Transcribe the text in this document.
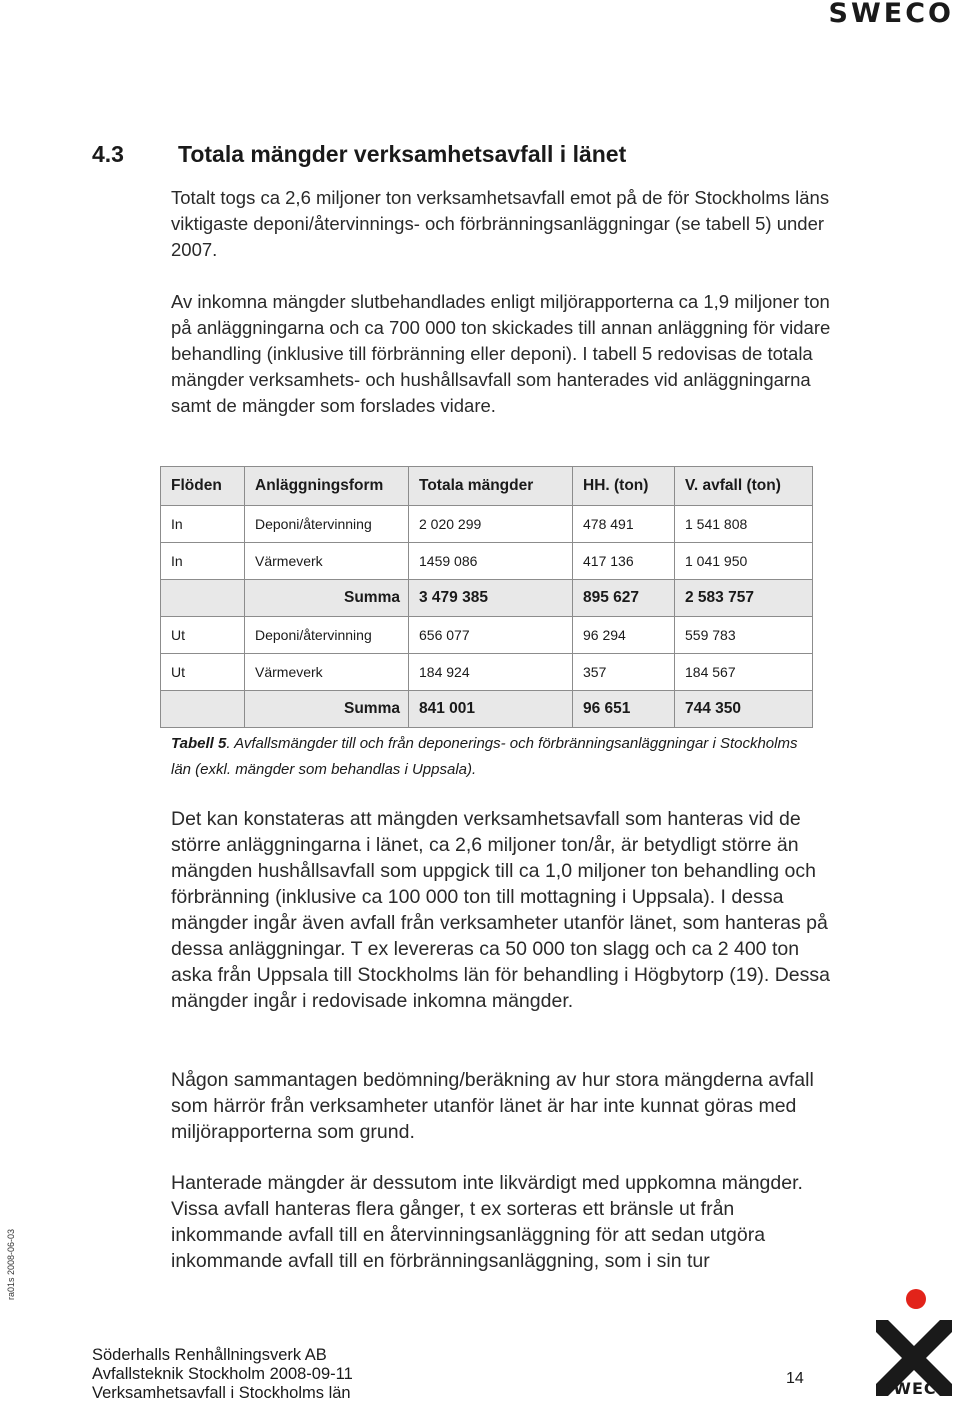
SWECO
4.3 Totala mängder verksamhetsavfall i länet

Totalt togs ca 2,6 miljoner ton verksamhetsavfall emot på de för Stockholms läns viktigaste deponi/återvinnings- och förbränningsanläggningar (se tabell 5) under 2007.

Av inkomna mängder slutbehandlades enligt miljörapporterna ca 1,9 miljoner ton på anläggningarna och ca 700 000 ton skickades till annan anläggning för vidare behandling (inklusive till förbränning eller deponi). I tabell 5 redovisas de totala mängder verksamhets- och hushållsavfall som hanterades vid anläggningarna samt de mängder som forslades vidare.

Flöden	Anläggningsform	Totala mängder	HH. (ton)	V. avfall (ton)
In	Deponi/återvinning	2 020 299	478 491	1 541 808
In	Värmeverk	1459 086	417 136	1 041 950
	Summa	3 479 385	895 627	2 583 757
Ut	Deponi/återvinning	656 077	96 294	559 783
Ut	Värmeverk	184 924	357	184 567
	Summa	841 001	96 651	744 350

Tabell 5. Avfallsmängder till och från deponerings- och förbränningsanläggningar i Stockholms län (exkl. mängder som behandlas i Uppsala).

Det kan konstateras att mängden verksamhetsavfall som hanteras vid de större anläggningarna i länet, ca 2,6 miljoner ton/år, är betydligt större än mängden hushållsavfall som uppgick till ca 1,0 miljoner ton behandling och förbränning (inklusive ca 100 000 ton till mottagning i Uppsala). I dessa mängder ingår även avfall från verksamheter utanför länet, som hanteras på dessa anläggningar. T ex levereras ca 50 000 ton slagg och ca 2 400 ton aska från Uppsala till Stockholms län för behandling i Högbytorp (19). Dessa mängder ingår i redovisade inkomna mängder.

Någon sammantagen bedömning/beräkning av hur stora mängderna avfall som härrör från verksamheter utanför länet är har inte kunnat göras med miljörapporterna som grund.

Hanterade mängder är dessutom inte likvärdigt med uppkomna mängder. Vissa avfall hanteras flera gånger, t ex sorteras ett bränsle ut från inkommande avfall till en återvinningsanläggning för att sedan utgöra inkommande avfall till en förbränningsanläggning, som i sin tur

ra01s 2008-06-03
Söderhalls Renhållningsverk AB
Avfallsteknik Stockholm 2008-09-11
Verksamhetsavfall i Stockholms län
14
SWECO
